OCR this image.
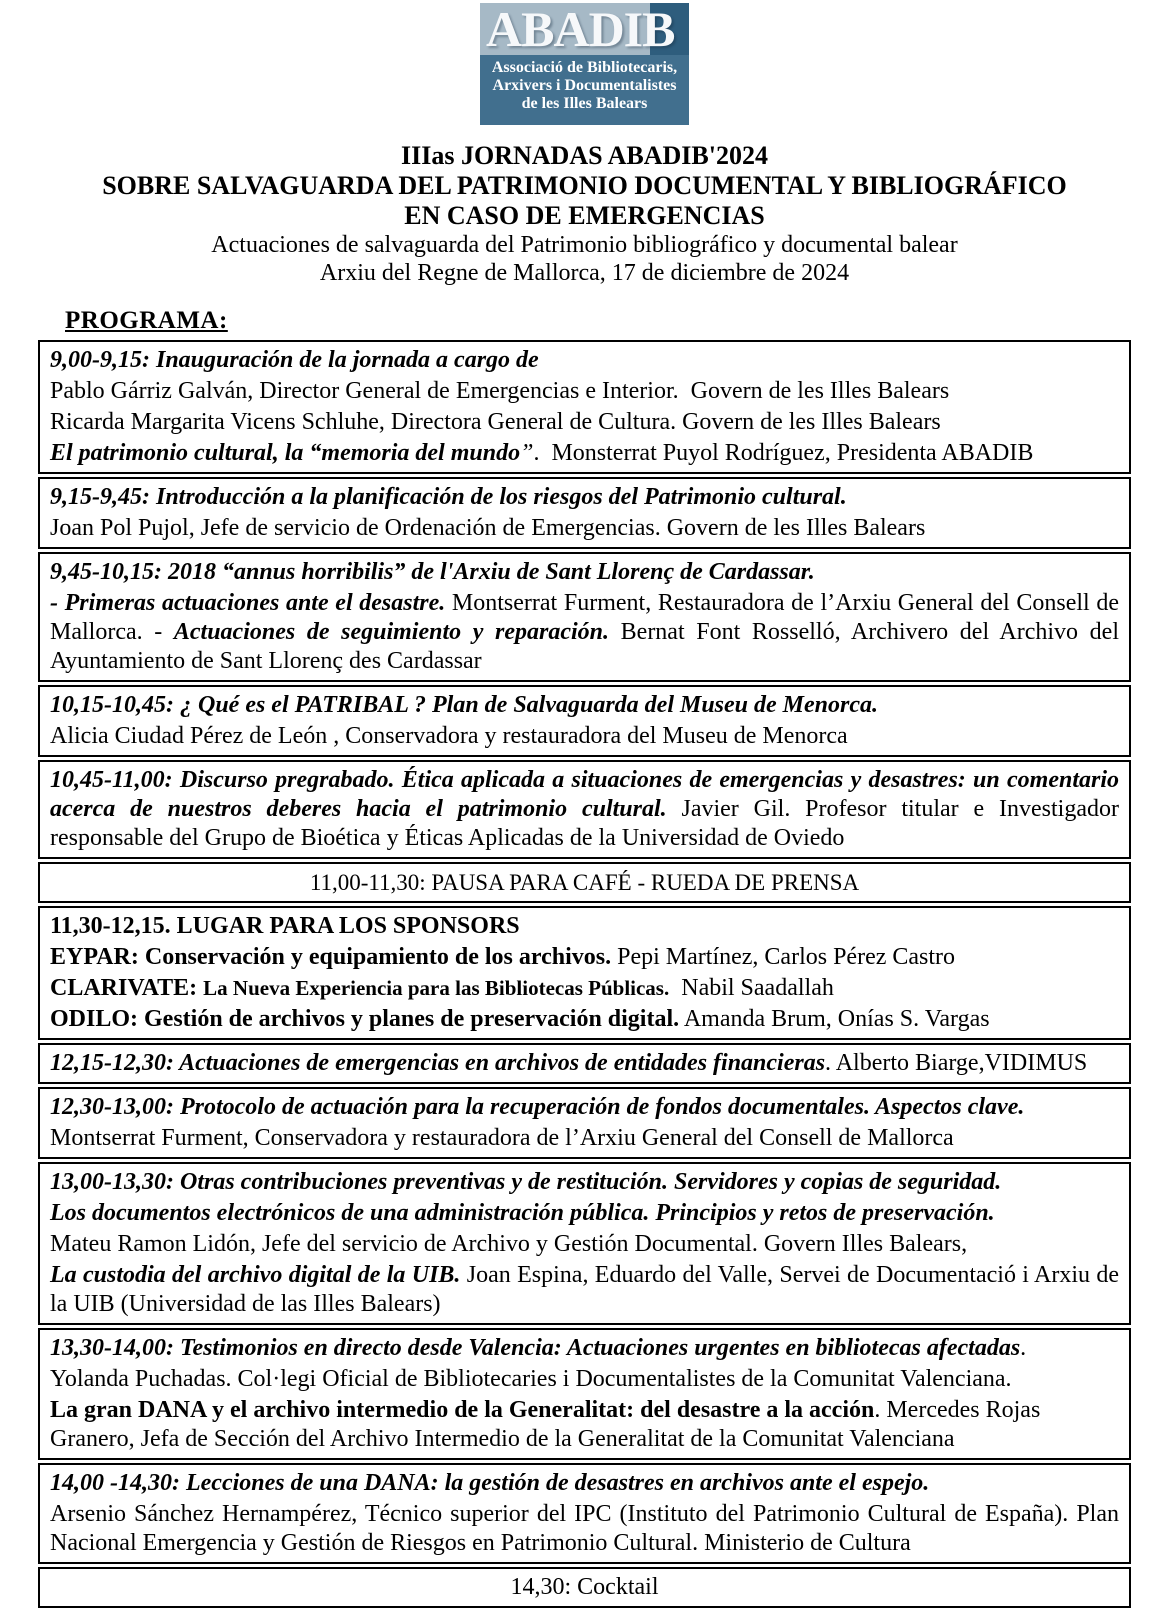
ABADIB
Associació de Bibliotecaris,
Arxivers i Documentalistes
de les Illes Balears
IIIas JORNADAS ABADIB'2024
SOBRE SALVAGUARDA DEL PATRIMONIO DOCUMENTAL Y BIBLIOGRÁFICO
EN CASO DE EMERGENCIAS
Actuaciones de salvaguarda del Patrimonio bibliográfico y documental balear
Arxiu del Regne de Mallorca, 17 de diciembre de 2024
PROGRAMA:
9,00-9,15: Inauguración de la jornada a cargo de
Pablo Gárriz Galván, Director General de Emergencias e Interior.  Govern de les Illes Balears
Ricarda Margarita Vicens Schluhe, Directora General de Cultura. Govern de les Illes Balears
El patrimonio cultural, la “memoria del mundo”.  Monsterrat Puyol Rodríguez, Presidenta ABADIB
9,15-9,45: Introducción a la planificación de los riesgos del Patrimonio cultural.
Joan Pol Pujol, Jefe de servicio de Ordenación de Emergencias. Govern de les Illes Balears
9,45-10,15: 2018 “annus horribilis” de l'Arxiu de Sant Llorenç de Cardassar.
- Primeras actuaciones ante el desastre. Montserrat Furment, Restauradora de l’Arxiu General del Consell de Mallorca. - Actuaciones de seguimiento y reparación. Bernat Font Rosselló, Archivero del Archivo del Ayuntamiento de Sant Llorenç des Cardassar
10,15-10,45: ¿ Qué es el PATRIBAL ? Plan de Salvaguarda del Museu de Menorca.
Alicia Ciudad Pérez de León , Conservadora y restauradora del Museu de Menorca
10,45-11,00: Discurso pregrabado. Ética aplicada a situaciones de emergencias y desastres: un comentario acerca de nuestros deberes hacia el patrimonio cultural. Javier Gil. Profesor titular e Investigador responsable del Grupo de Bioética y Éticas Aplicadas de la Universidad de Oviedo
11,00-11,30: PAUSA PARA CAFÉ - RUEDA DE PRENSA
11,30-12,15. LUGAR PARA LOS SPONSORS
EYPAR: Conservación y equipamiento de los archivos. Pepi Martínez, Carlos Pérez Castro
CLARIVATE: La Nueva Experiencia para las Bibliotecas Públicas.  Nabil Saadallah
ODILO: Gestión de archivos y planes de preservación digital. Amanda Brum, Onías S. Vargas
12,15-12,30: Actuaciones de emergencias en archivos de entidades financieras. Alberto Biarge,VIDIMUS
12,30-13,00: Protocolo de actuación para la recuperación de fondos documentales. Aspectos clave.
Montserrat Furment, Conservadora y restauradora de l’Arxiu General del Consell de Mallorca
13,00-13,30: Otras contribuciones preventivas y de restitución. Servidores y copias de seguridad.
Los documentos electrónicos de una administración pública. Principios y retos de preservación.
Mateu Ramon Lidón, Jefe del servicio de Archivo y Gestión Documental. Govern Illes Balears,
La custodia del archivo digital de la UIB. Joan Espina, Eduardo del Valle, Servei de Documentació i Arxiu de la UIB (Universidad de las Illes Balears)
13,30-14,00: Testimonios en directo desde Valencia: Actuaciones urgentes en bibliotecas afectadas.
Yolanda Puchadas. Col·legi Oficial de Bibliotecaries i Documentalistes de la Comunitat Valenciana.
La gran DANA y el archivo intermedio de la Generalitat: del desastre a la acción. Mercedes Rojas Granero, Jefa de Sección del Archivo Intermedio de la Generalitat de la Comunitat Valenciana
14,00 -14,30: Lecciones de una DANA: la gestión de desastres en archivos ante el espejo.
Arsenio Sánchez Hernampérez, Técnico superior del IPC (Instituto del Patrimonio Cultural de España). Plan Nacional Emergencia y Gestión de Riesgos en Patrimonio Cultural. Ministerio de Cultura
14,30: Cocktail
